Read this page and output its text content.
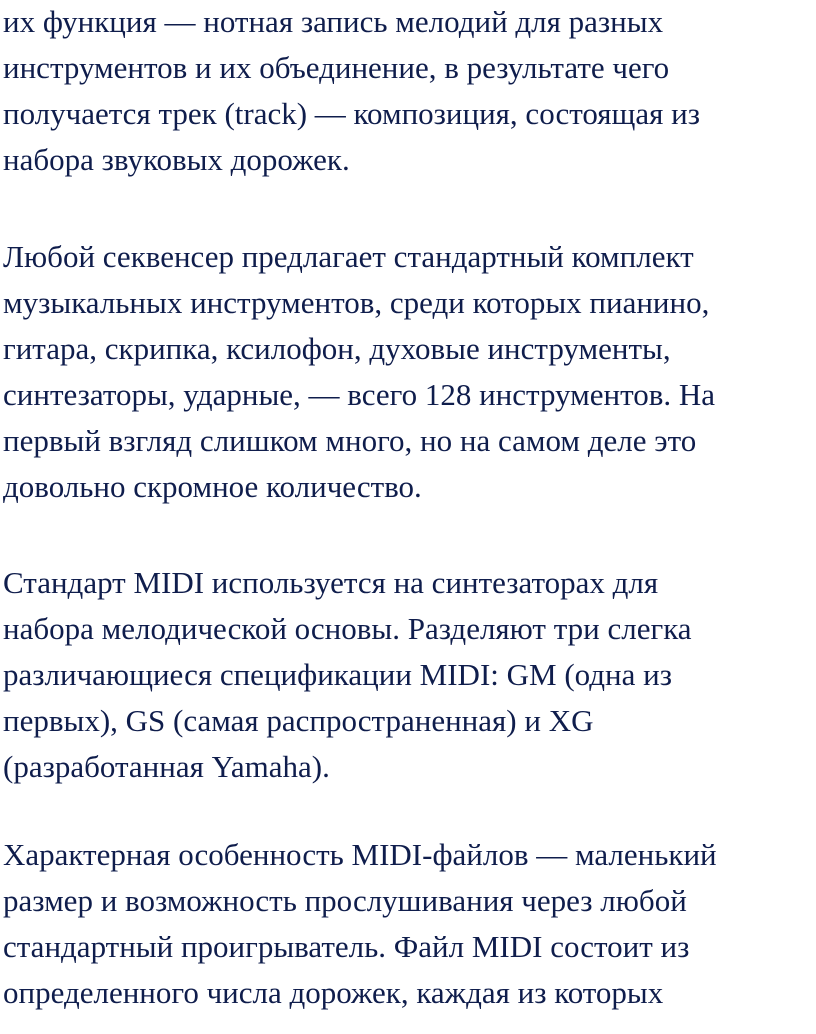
их функция — нотная запись мелодий для разных
инструментов и их объединение, в результате чего
получается трек (track) — композиция, состоящая из
набора звуковых дорожек.

Любой секвенсер предлагает стандартный комплект
музыкальных инструментов, среди которых пианино,
гитара, скрипка, ксилофон, духовые инструменты,
синтезаторы, ударные, — всего 128 инструментов. На
первый взгляд слишком много, но на самом деле это
довольно скромное количество.

Стандарт MIDI используется на синтезаторах для
набора мелодической основы. Разделяют три слегка
различающиеся спецификации MIDI: GM (одна из
первых), GS (самая распространенная) и XG
(разработанная Yamaha).

Характерная особенность MIDI-файлов — маленький
размер и возможность прослушивания через любой
стандартный проигрыватель. Файл MIDI состоит из
определенного числа дорожек, каждая из которых
